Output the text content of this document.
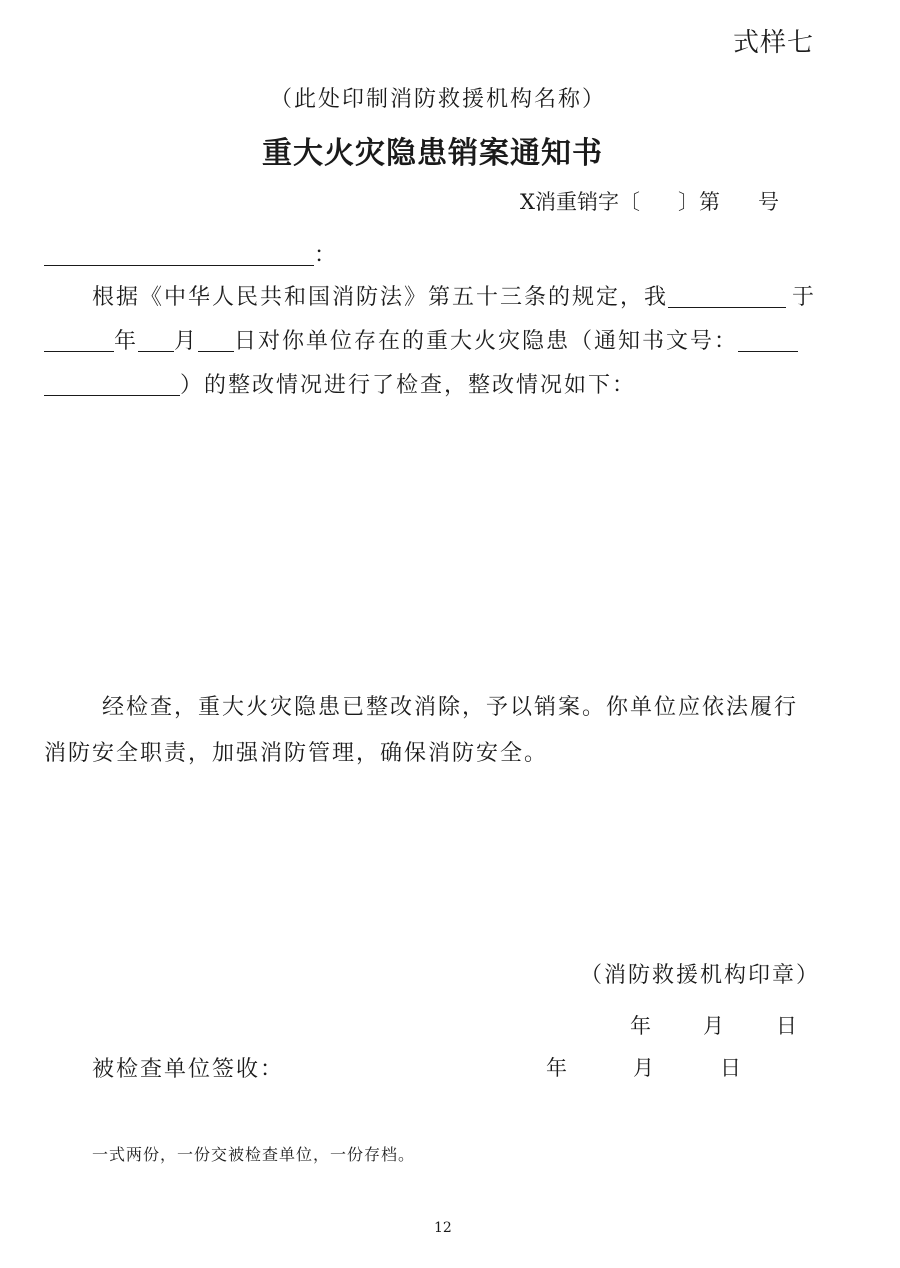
式样七
（此处印制消防救援机构名称）
重大火灾隐患销案通知书
X消重销字〔 〕第 号
：
根据《中华人民共和国消防法》第五十三条的规定，我	于
年 月 日对你单位存在的重大火灾隐患（通知书文号：
）的整改情况进行了检查，整改情况如下：
经检查，重大火灾隐患已整改消除，予以销案。你单位应依法履行
消防安全职责，加强消防管理，确保消防安全。
（消防救援机构印章）
年 月 日
被检查单位签收：	年	月	日
一式两份，一份交被检查单位，一份存档。
12
